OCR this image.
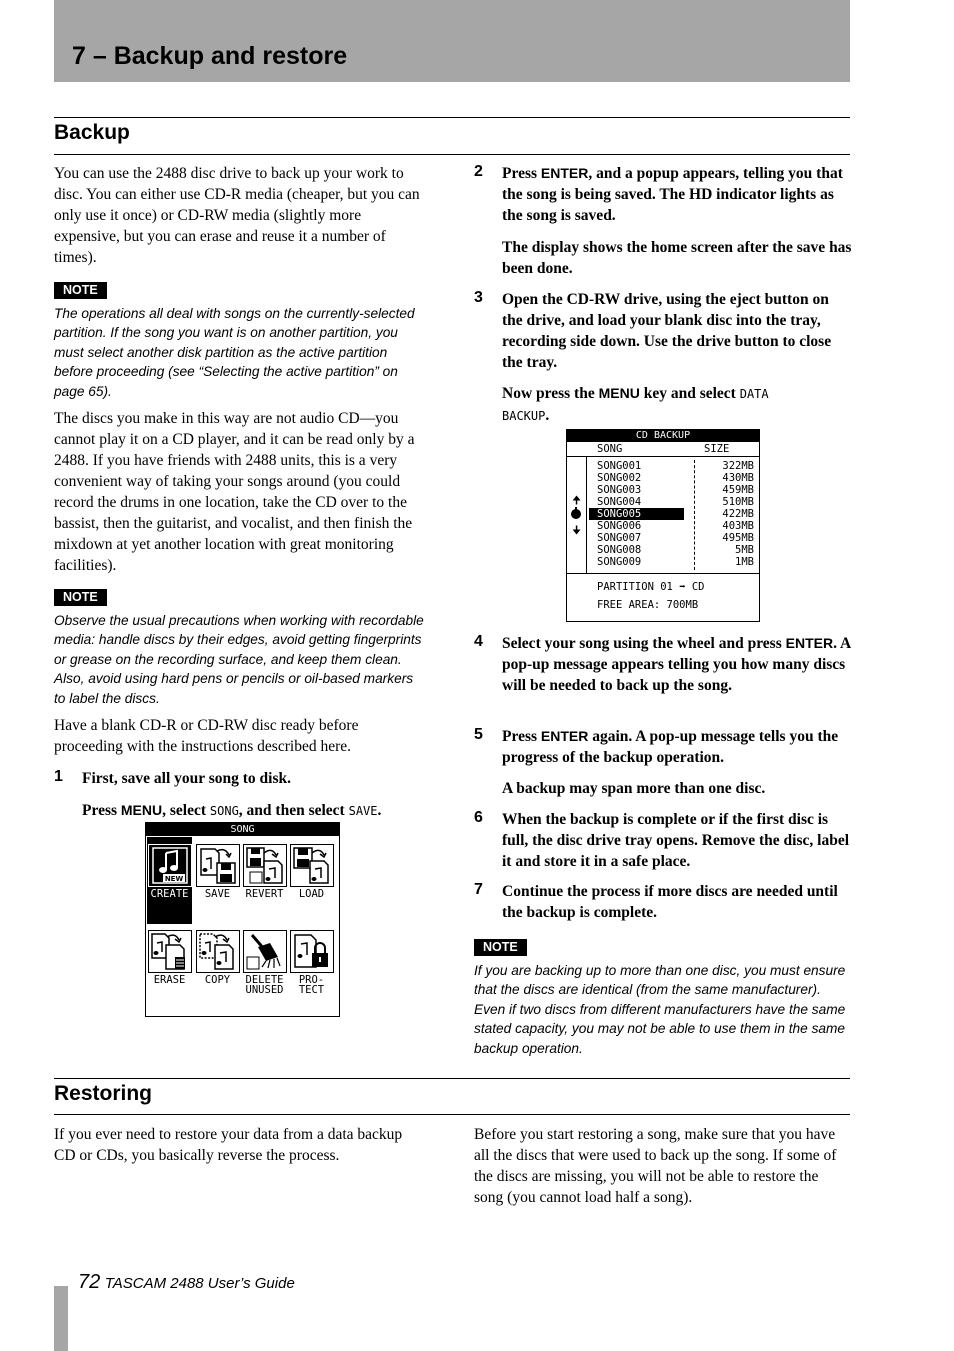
7 – Backup and restore
Backup
You can use the 2488 disc drive to back up your work to disc. You can either use CD-R media (cheaper, but you can only use it once) or CD-RW media (slightly more expensive, but you can erase and reuse it a number of times).
NOTE
The operations all deal with songs on the currently-selected partition. If the song you want is on another partition, you must select another disk partition as the active partition before proceeding (see “Selecting the active partition” on page 65).
The discs you make in this way are not audio CD—you cannot play it on a CD player, and it can be read only by a 2488. If you have friends with 2488 units, this is a very convenient way of taking your songs around (you could record the drums in one location, take the CD over to the bassist, then the guitarist, and vocalist, and then finish the mixdown at yet another location with great monitoring facilities).
NOTE
Observe the usual precautions when working with recordable media: handle discs by their edges, avoid getting fingerprints or grease on the recording surface, and keep them clean. Also, avoid using hard pens or pencils or oil-based markers to label the discs.
Have a blank CD-R or CD-RW disc ready before proceeding with the instructions described here.
1 First, save all your song to disk.
Press MENU, select SONG, and then select SAVE.
SONG
NEW
CREATE	SAVE	REVERT	LOAD
ERASE	COPY	DELETE
UNUSED
PRO-
TECT
2 Press ENTER, and a popup appears, telling you that the song is being saved. The HD indicator lights as the song is saved.
The display shows the home screen after the save has been done.
3 Open the CD-RW drive, using the eject button on the drive, and load your blank disc into the tray, recording side down. Use the drive button to close the tray.
Now press the MENU key and select DATA
BACKUP.
CD BACKUP
SONG	SIZE
🠉
🠋
SONG001	322MB
SONG002	430MB
SONG003	459MB
SONG004	510MB
SONG005	422MB
SONG006	403MB
SONG007	495MB
SONG008	5MB
SONG009	1MB
PARTITION 01 ➡ CD
FREE AREA: 700MB
4 Select your song using the wheel and press ENTER. A pop-up message appears telling you how many discs will be needed to back up the song.
5 Press ENTER again. A pop-up message tells you the progress of the backup operation.
A backup may span more than one disc.
6 When the backup is complete or if the first disc is full, the disc drive tray opens. Remove the disc, label it and store it in a safe place.
7 Continue the process if more discs are needed until the backup is complete.
NOTE
If you are backing up to more than one disc, you must ensure that the discs are identical (from the same manufacturer). Even if two discs from different manufacturers have the same stated capacity, you may not be able to use them in the same backup operation.
Restoring
If you ever need to restore your data from a data backup CD or CDs, you basically reverse the process.
Before you start restoring a song, make sure that you have all the discs that were used to back up the song. If some of the discs are missing, you will not be able to restore the song (you cannot load half a song).
72 TASCAM 2488 User’s Guide
